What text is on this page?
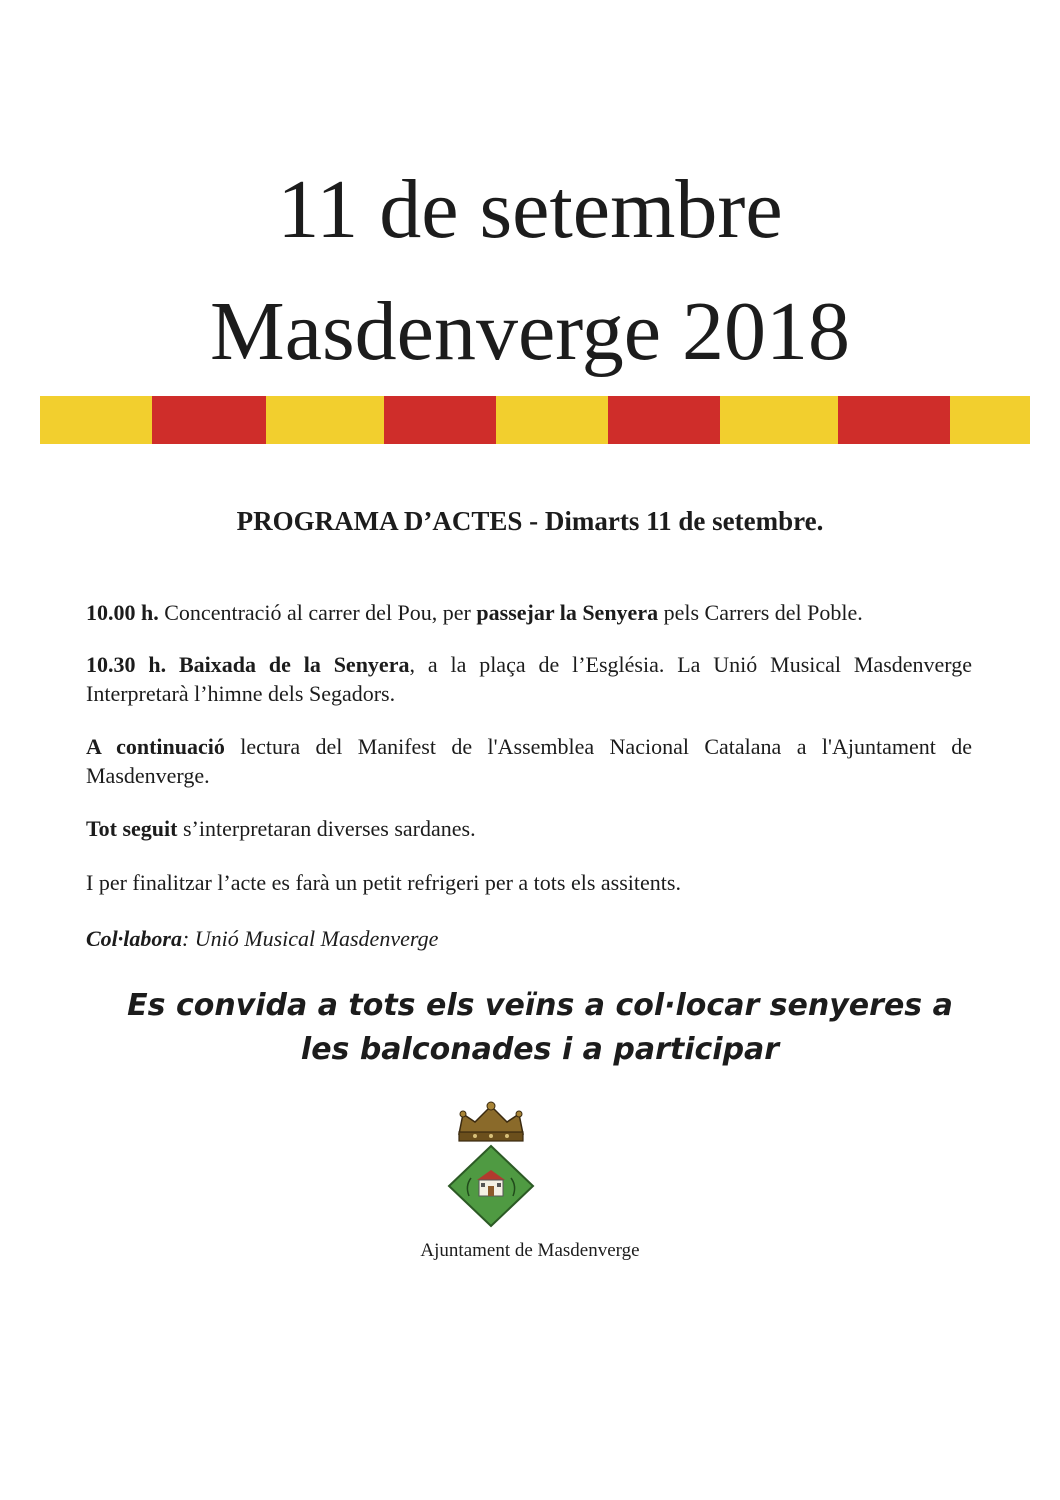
11 de setembre
Masdenverge 2018
PROGRAMA D’ACTES - Dimarts 11 de setembre.
10.00 h. Concentració al carrer del Pou, per passejar la Senyera pels Carrers del Poble.
10.30 h. Baixada de la Senyera, a la plaça de l’Església. La Unió Musical Masdenverge Interpretarà l’himne dels Segadors.
A continuació lectura del Manifest de l'Assemblea Nacional Catalana a l'Ajuntament de Masdenverge.
Tot seguit s’interpretaran diverses sardanes.
I per finalitzar l’acte es farà un petit refrigeri per a tots els assitents.
Col·labora: Unió Musical Masdenverge
Es convida a tots els veïns a col·locar senyeres a
les balconades i a participar
Ajuntament de Masdenverge
